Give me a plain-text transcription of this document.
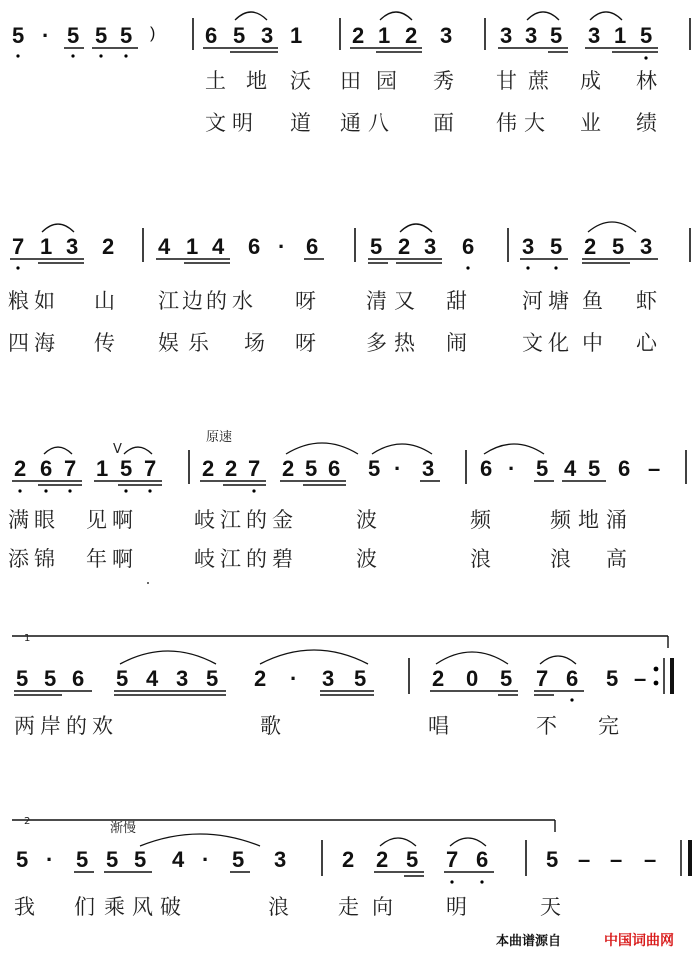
5 · 5 5 5 ) 6 5 3 1 2 1 2 3 3 3 5 3 1 5
土 地 沃 田 园 秀 甘 蔗 成 林
文 明 道 通 八 面 伟 大 业 绩
7 1 3 2 4 1 4 6 · 6 5 2 3 6 3 5 2 5 3
粮 如 山 江 边 的 水 呀 清 又 甜	河 塘 鱼 虾
四 海 传 娱 乐 场 呀 多 热 闹	文 化 中 心
原速
V
2 6 7 1 5 7 2 2 7 2 5 6 5 · 3 6 · 5 4 5 6 –
满 眼 见 啊	岐 江 的 金	波	频	频 地 涌
添 锦 年 啊	岐 江 的 碧	波	浪	浪 高
1
5 5 6 5 4 3 5 2 · 3 5	2 0 5 7 6 5 –
两 岸 的 欢	歌	唱	不 完
2	渐慢
5 · 5 5 5 4 · 5 3	2 2 5 7 6	5 – – –
我 们 乘 风 破	浪 走 向	明	天
本曲谱源自	中国词曲网
